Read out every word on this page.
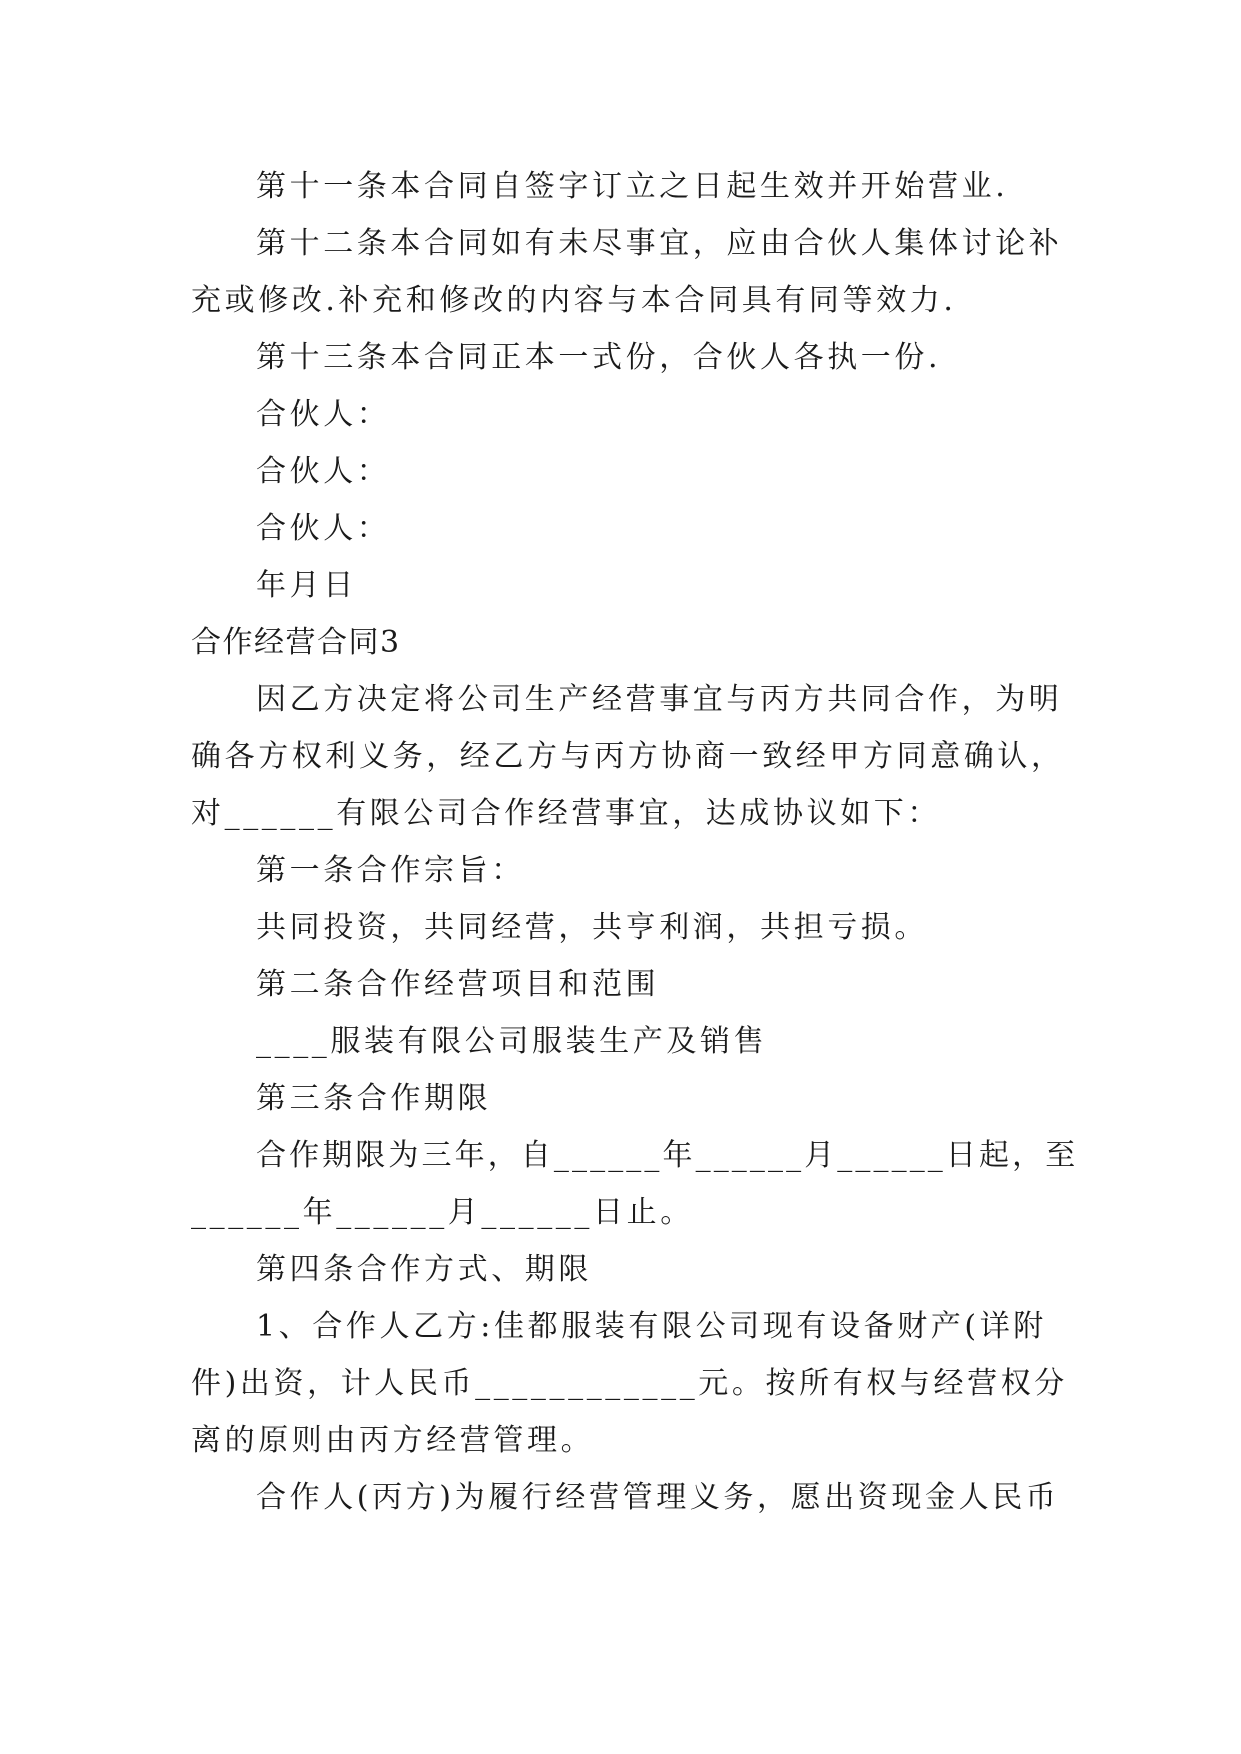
第十一条本合同自签字订立之日起生效并开始营业.
第十二条本合同如有未尽事宜，应由合伙人集体讨论补
充或修改.补充和修改的内容与本合同具有同等效力.
第十三条本合同正本一式份，合伙人各执一份.
合伙人：
合伙人：
合伙人：
年月日
合作经营合同3
因乙方决定将公司生产经营事宜与丙方共同合作，为明
确各方权利义务，经乙方与丙方协商一致经甲方同意确认，
对______有限公司合作经营事宜，达成协议如下：
第一条合作宗旨：
共同投资，共同经营，共亨利润，共担亏损。
第二条合作经营项目和范围
____服装有限公司服装生产及销售
第三条合作期限
合作期限为三年，自______年______月______日起，至
______年______月______日止。
第四条合作方式、期限
1、合作人乙方:佳都服装有限公司现有设备财产(详附
件)出资，计人民币____________元。按所有权与经营权分
离的原则由丙方经营管理。
合作人(丙方)为履行经营管理义务，愿出资现金人民币
